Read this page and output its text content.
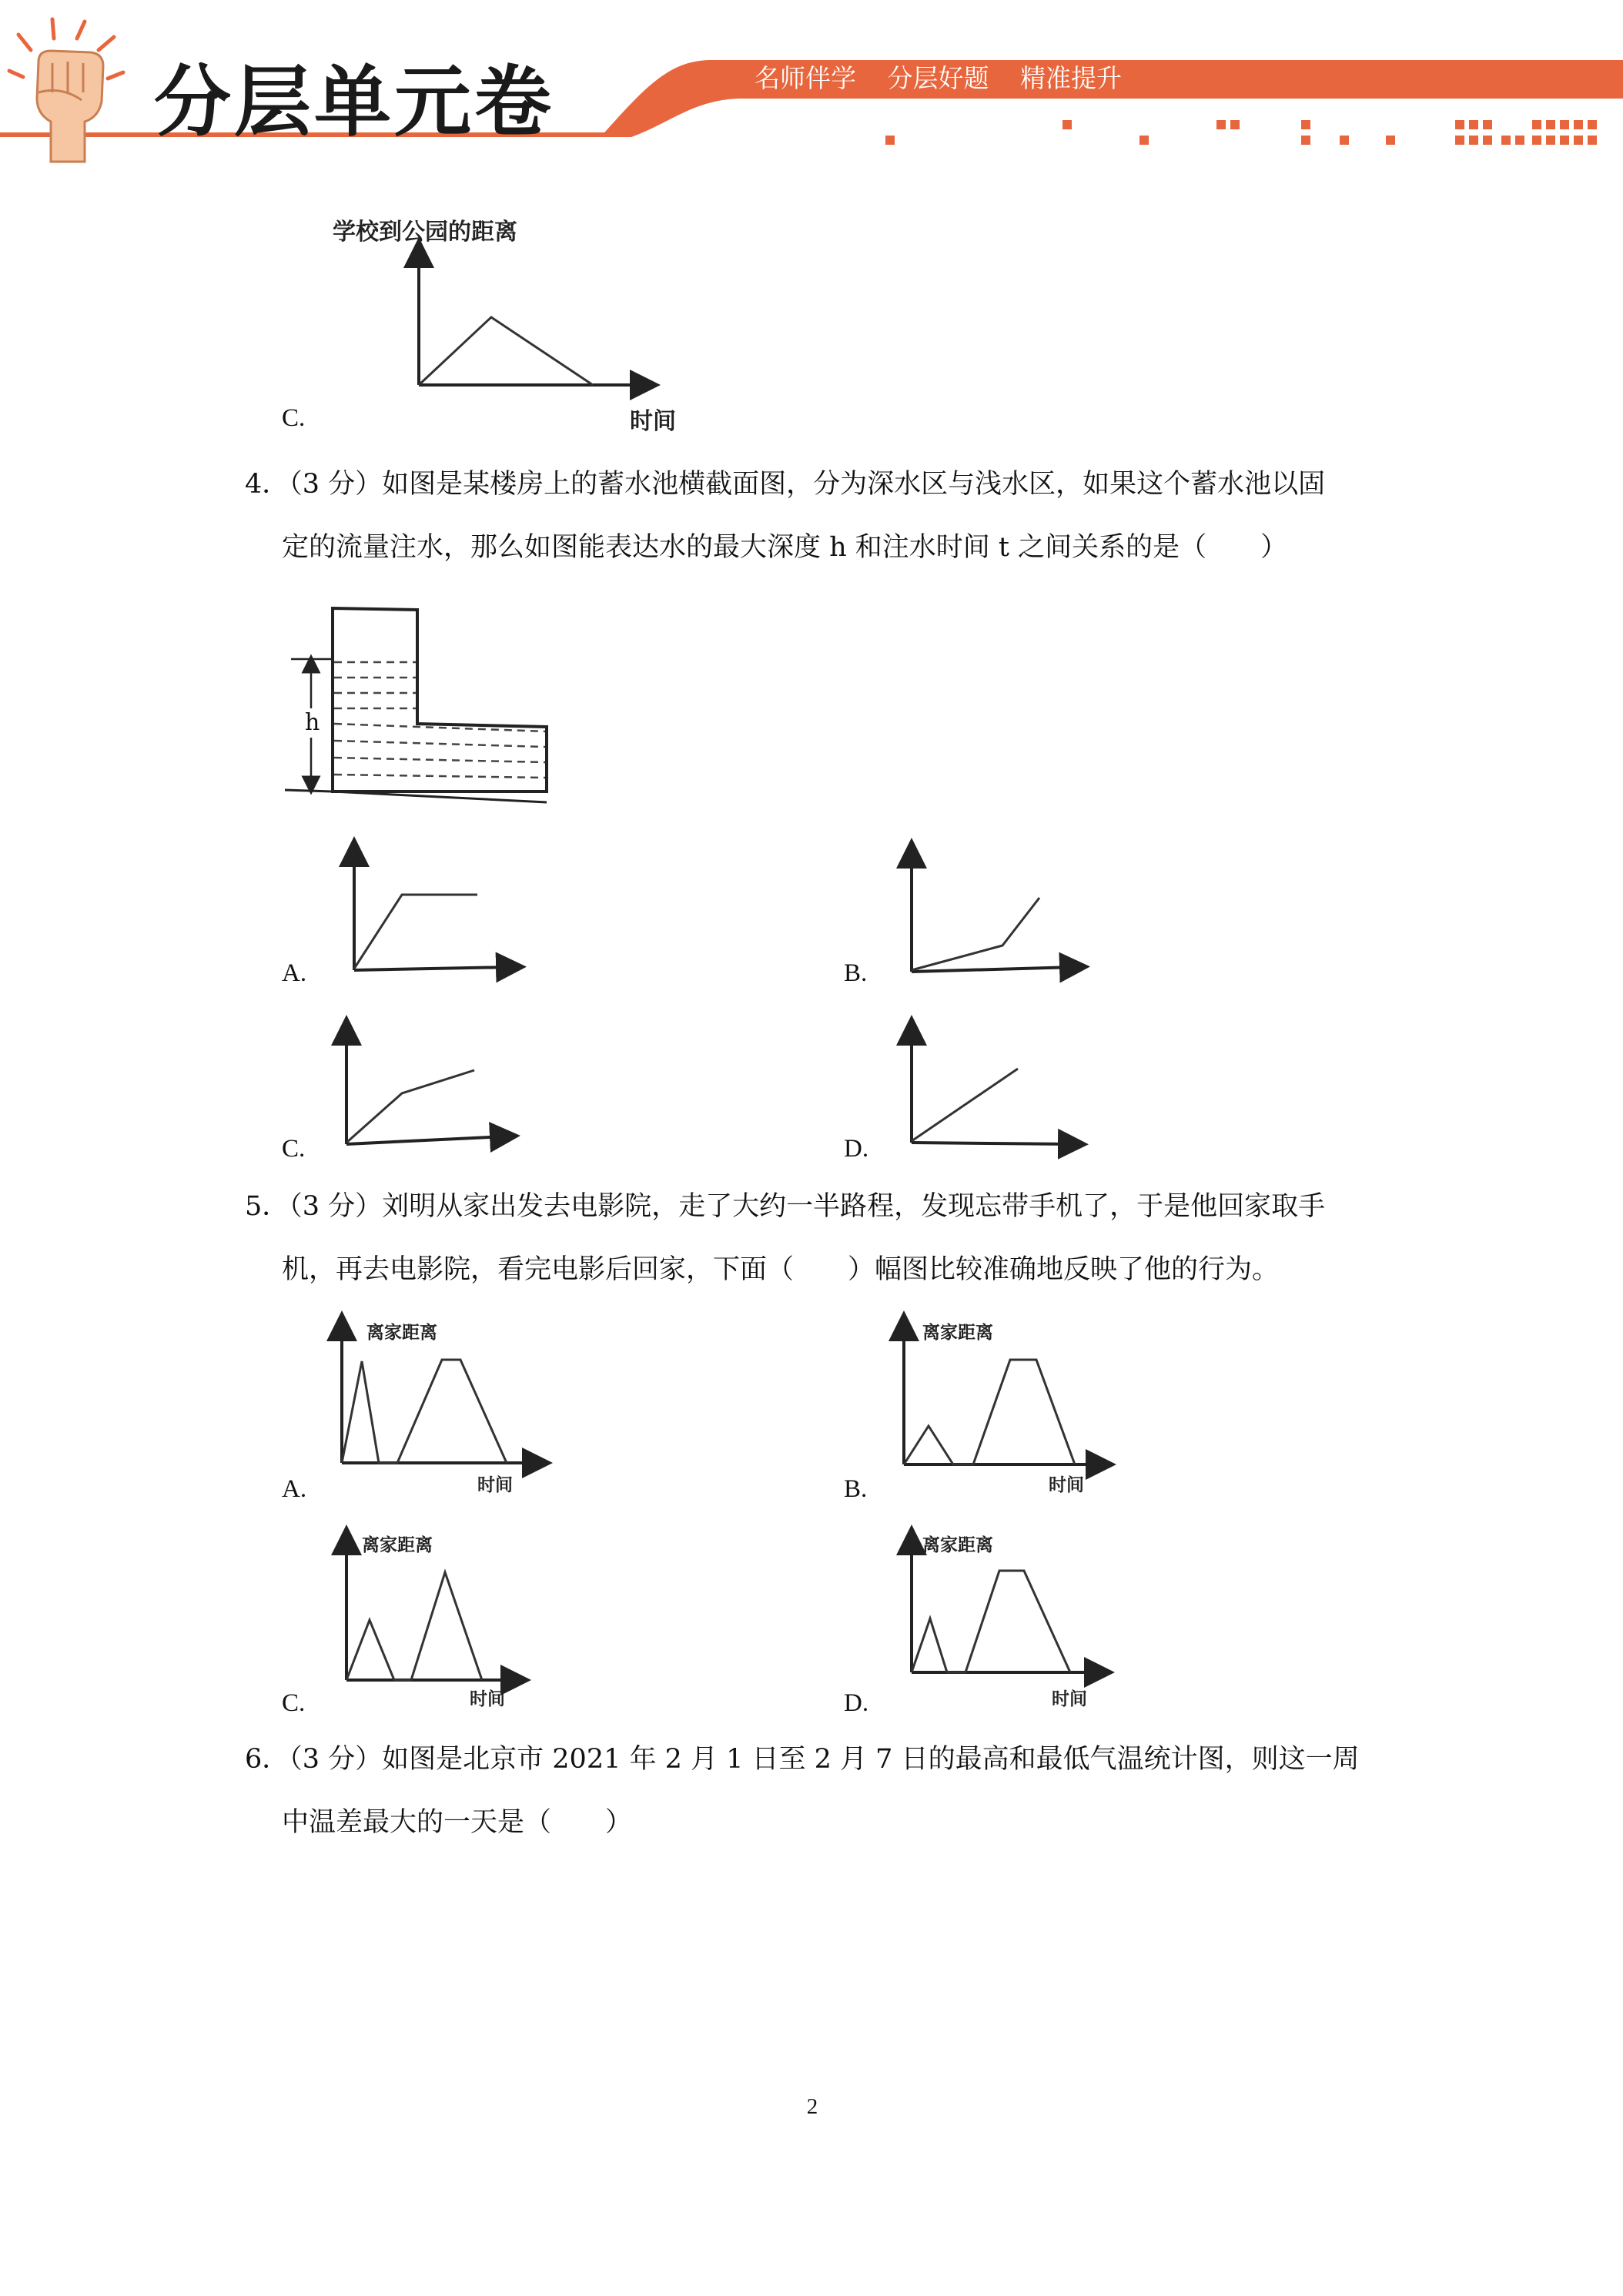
分层单元卷	名师伴学 分层好题 精准提升
学校到公园的距离
C.	时间
4．（3 分）如图是某楼房上的蓄水池横截面图，分为深水区与浅水区，如果这个蓄水池以固
定的流量注水，那么如图能表达水的最大深度 h 和注水时间 t 之间关系的是（　　）
h
A.	B.
C.	D.
5．（3 分）刘明从家出发去电影院，走了大约一半路程，发现忘带手机了，于是他回家取手
机，再去电影院，看完电影后回家，下面（　　）幅图比较准确地反映了他的行为。
离家距离
时间
A.
离家距离
时间
B.
离家距离
时间
C.
离家距离
时间
D.
6．（3 分）如图是北京市 2021 年 2 月 1 日至 2 月 7 日的最高和最低气温统计图，则这一周
中温差最大的一天是（　　）
2
